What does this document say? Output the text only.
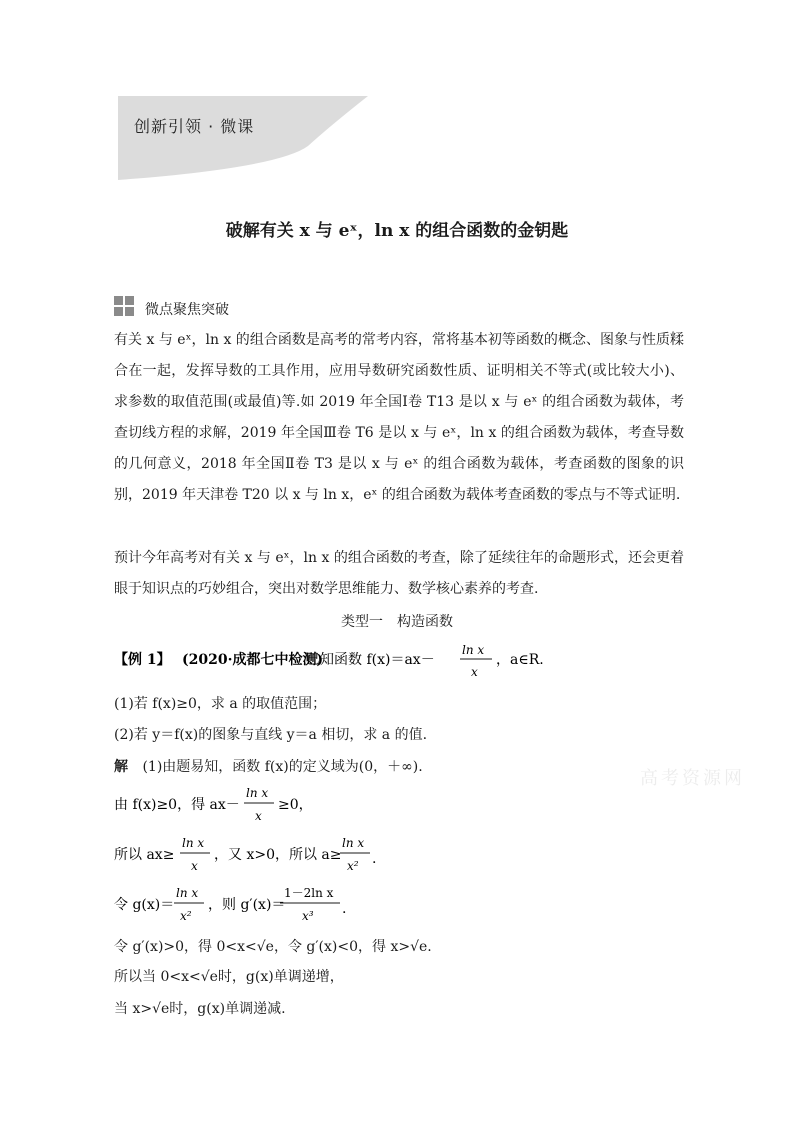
创新引领 · 微课
破解有关 x 与 eˣ，ln x 的组合函数的金钥匙
微点聚焦突破
有关 x 与 eˣ，ln x 的组合函数是高考的常考内容，常将基本初等函数的概念、图象与性质糅合在一起，发挥导数的工具作用，应用导数研究函数性质、证明相关不等式(或比较大小)、求参数的取值范围(或最值)等.如 2019 年全国Ⅰ卷 T13 是以 x 与 eˣ 的组合函数为载体，考查切线方程的求解，2019 年全国Ⅲ卷 T6 是以 x 与 eˣ，ln x 的组合函数为载体，考查导数的几何意义，2018 年全国Ⅱ卷 T3 是以 x 与 eˣ 的组合函数为载体，考查函数的图象的识别，2019 年天津卷 T20 以 x 与 ln x，eˣ 的组合函数为载体考查函数的零点与不等式证明.
预计今年高考对有关 x 与 eˣ，ln x 的组合函数的考查，除了延续往年的命题形式，还会更着眼于知识点的巧妙组合，突出对数学思维能力、数学核心素养的考查.
类型一　构造函数
【例 1】 (2020·成都七中检测)
已知函数 f(x)＝ax－
ln x
x
，a∈R.
(1)若 f(x)≥0，求 a 的取值范围；
(2)若 y＝f(x)的图象与直线 y＝a 相切，求 a 的值.
解 (1)由题易知，函数 f(x)的定义域为(0，＋∞).
由 f(x)≥0，得 ax－
ln x
x
≥0，
所以 ax≥
ln x
x
，又 x>0，所以 a≥
ln x
x² .
令 g(x)＝
ln x
x²
，则 g′(x)＝
1－2ln x
x³ .
令 g′(x)>0，得 0<x<√e，令 g′(x)<0，得 x>√e.
所以当 0<x<√e时，g(x)单调递增，
当 x>√e时，g(x)单调递减.
高考资源网
